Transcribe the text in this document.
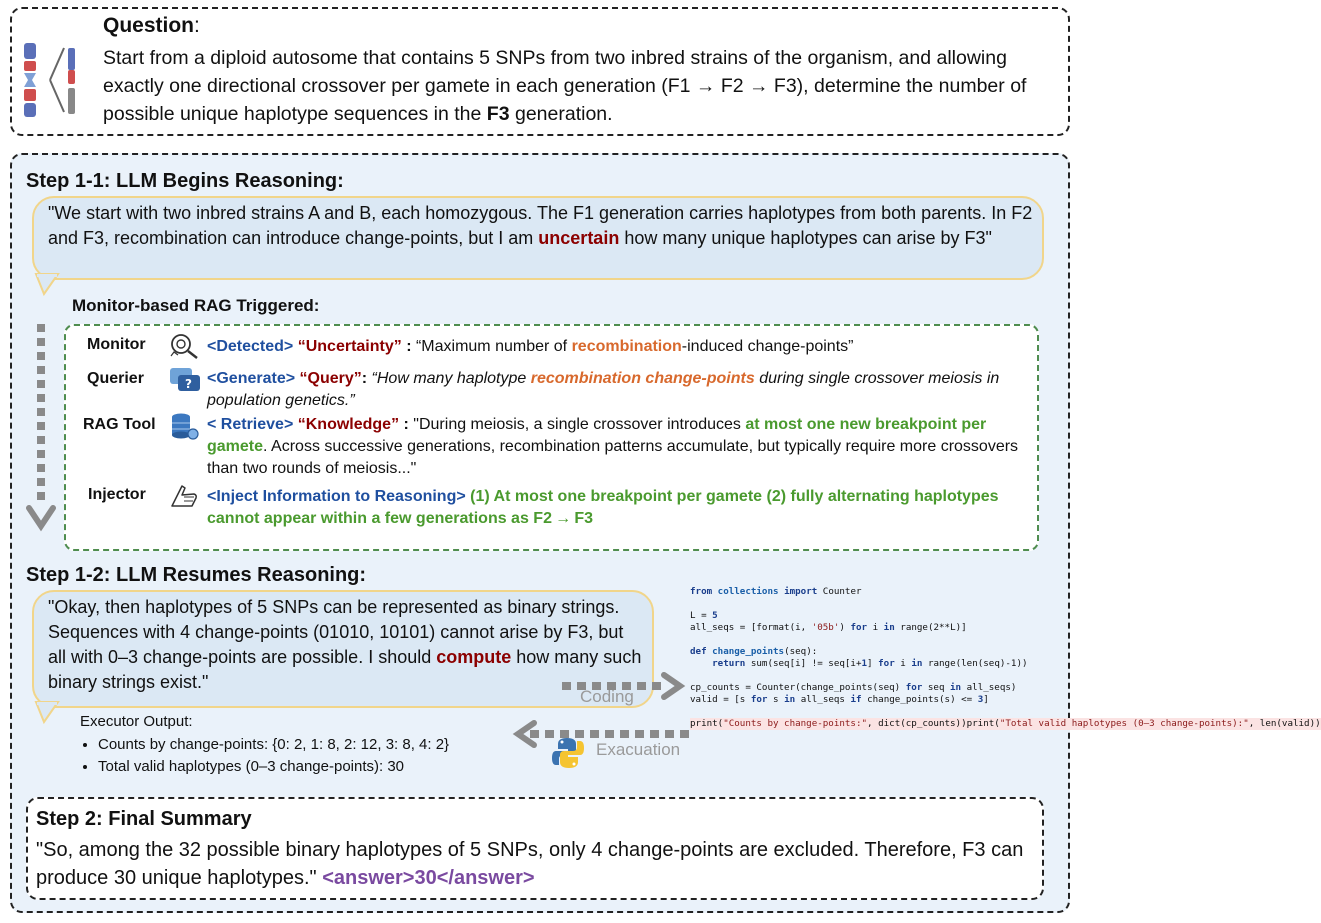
Question:
Start from a diploid autosome that contains 5 SNPs from two inbred strains of the organism, and allowing exactly one directional crossover per gamete in each generation (F1 → F2 → F3), determine the number of possible unique haplotype sequences in the F3 generation.
Step 1-1: LLM Begins Reasoning:
"We start with two inbred strains A and B, each homozygous. The F1 generation carries haplotypes from both parents. In F2 and F3, recombination can introduce change-points, but I am uncertain how many unique haplotypes can arise by F3"
Monitor-based RAG Triggered:
Monitor	<Detected> “Uncertainty” : “Maximum number of recombination-induced change-points”
Querier	? <Generate> “Query”: “How many haplotype recombination change-points during single crossover meiosis in population genetics.”
RAG Tool	< Retrieve> “Knowledge” : "During meiosis, a single crossover introduces at most one new breakpoint per gamete. Across successive generations, recombination patterns accumulate, but typically require more crossovers than two rounds of meiosis..."
Injector	<Inject Information to Reasoning> (1) At most one breakpoint per gamete (2) fully alternating haplotypes cannot appear within a few generations as F2 → F3
Step 1-2: LLM Resumes Reasoning:
"Okay, then haplotypes of 5 SNPs can be represented as binary strings. Sequences with 4 change-points (01010, 10101) cannot arise by F3, but all with 0–3 change-points are possible. I should compute how many such binary strings exist."
Coding
Exacuation
Executor Output:
• Counts by change-points: {0: 2, 1: 8, 2: 12, 3: 8, 4: 2}
• Total valid haplotypes (0–3 change-points): 30
from collections import Counter

L = 5
all_seqs = [format(i, '05b') for i in range(2**L)]

def change_points(seq):
return sum(seq[i] != seq[i+1] for i in range(len(seq)-1))

cp_counts = Counter(change_points(seq) for seq in all_seqs)
valid = [s for s in all_seqs if change_points(s) <= 3]

print("Counts by change-points:", dict(cp_counts))print("Total valid haplotypes (0–3 change-points):", len(valid))
Step 2: Final Summary
"So, among the 32 possible binary haplotypes of 5 SNPs, only 4 change-points are excluded. Therefore, F3 can produce 30 unique haplotypes." <answer>30</answer>
